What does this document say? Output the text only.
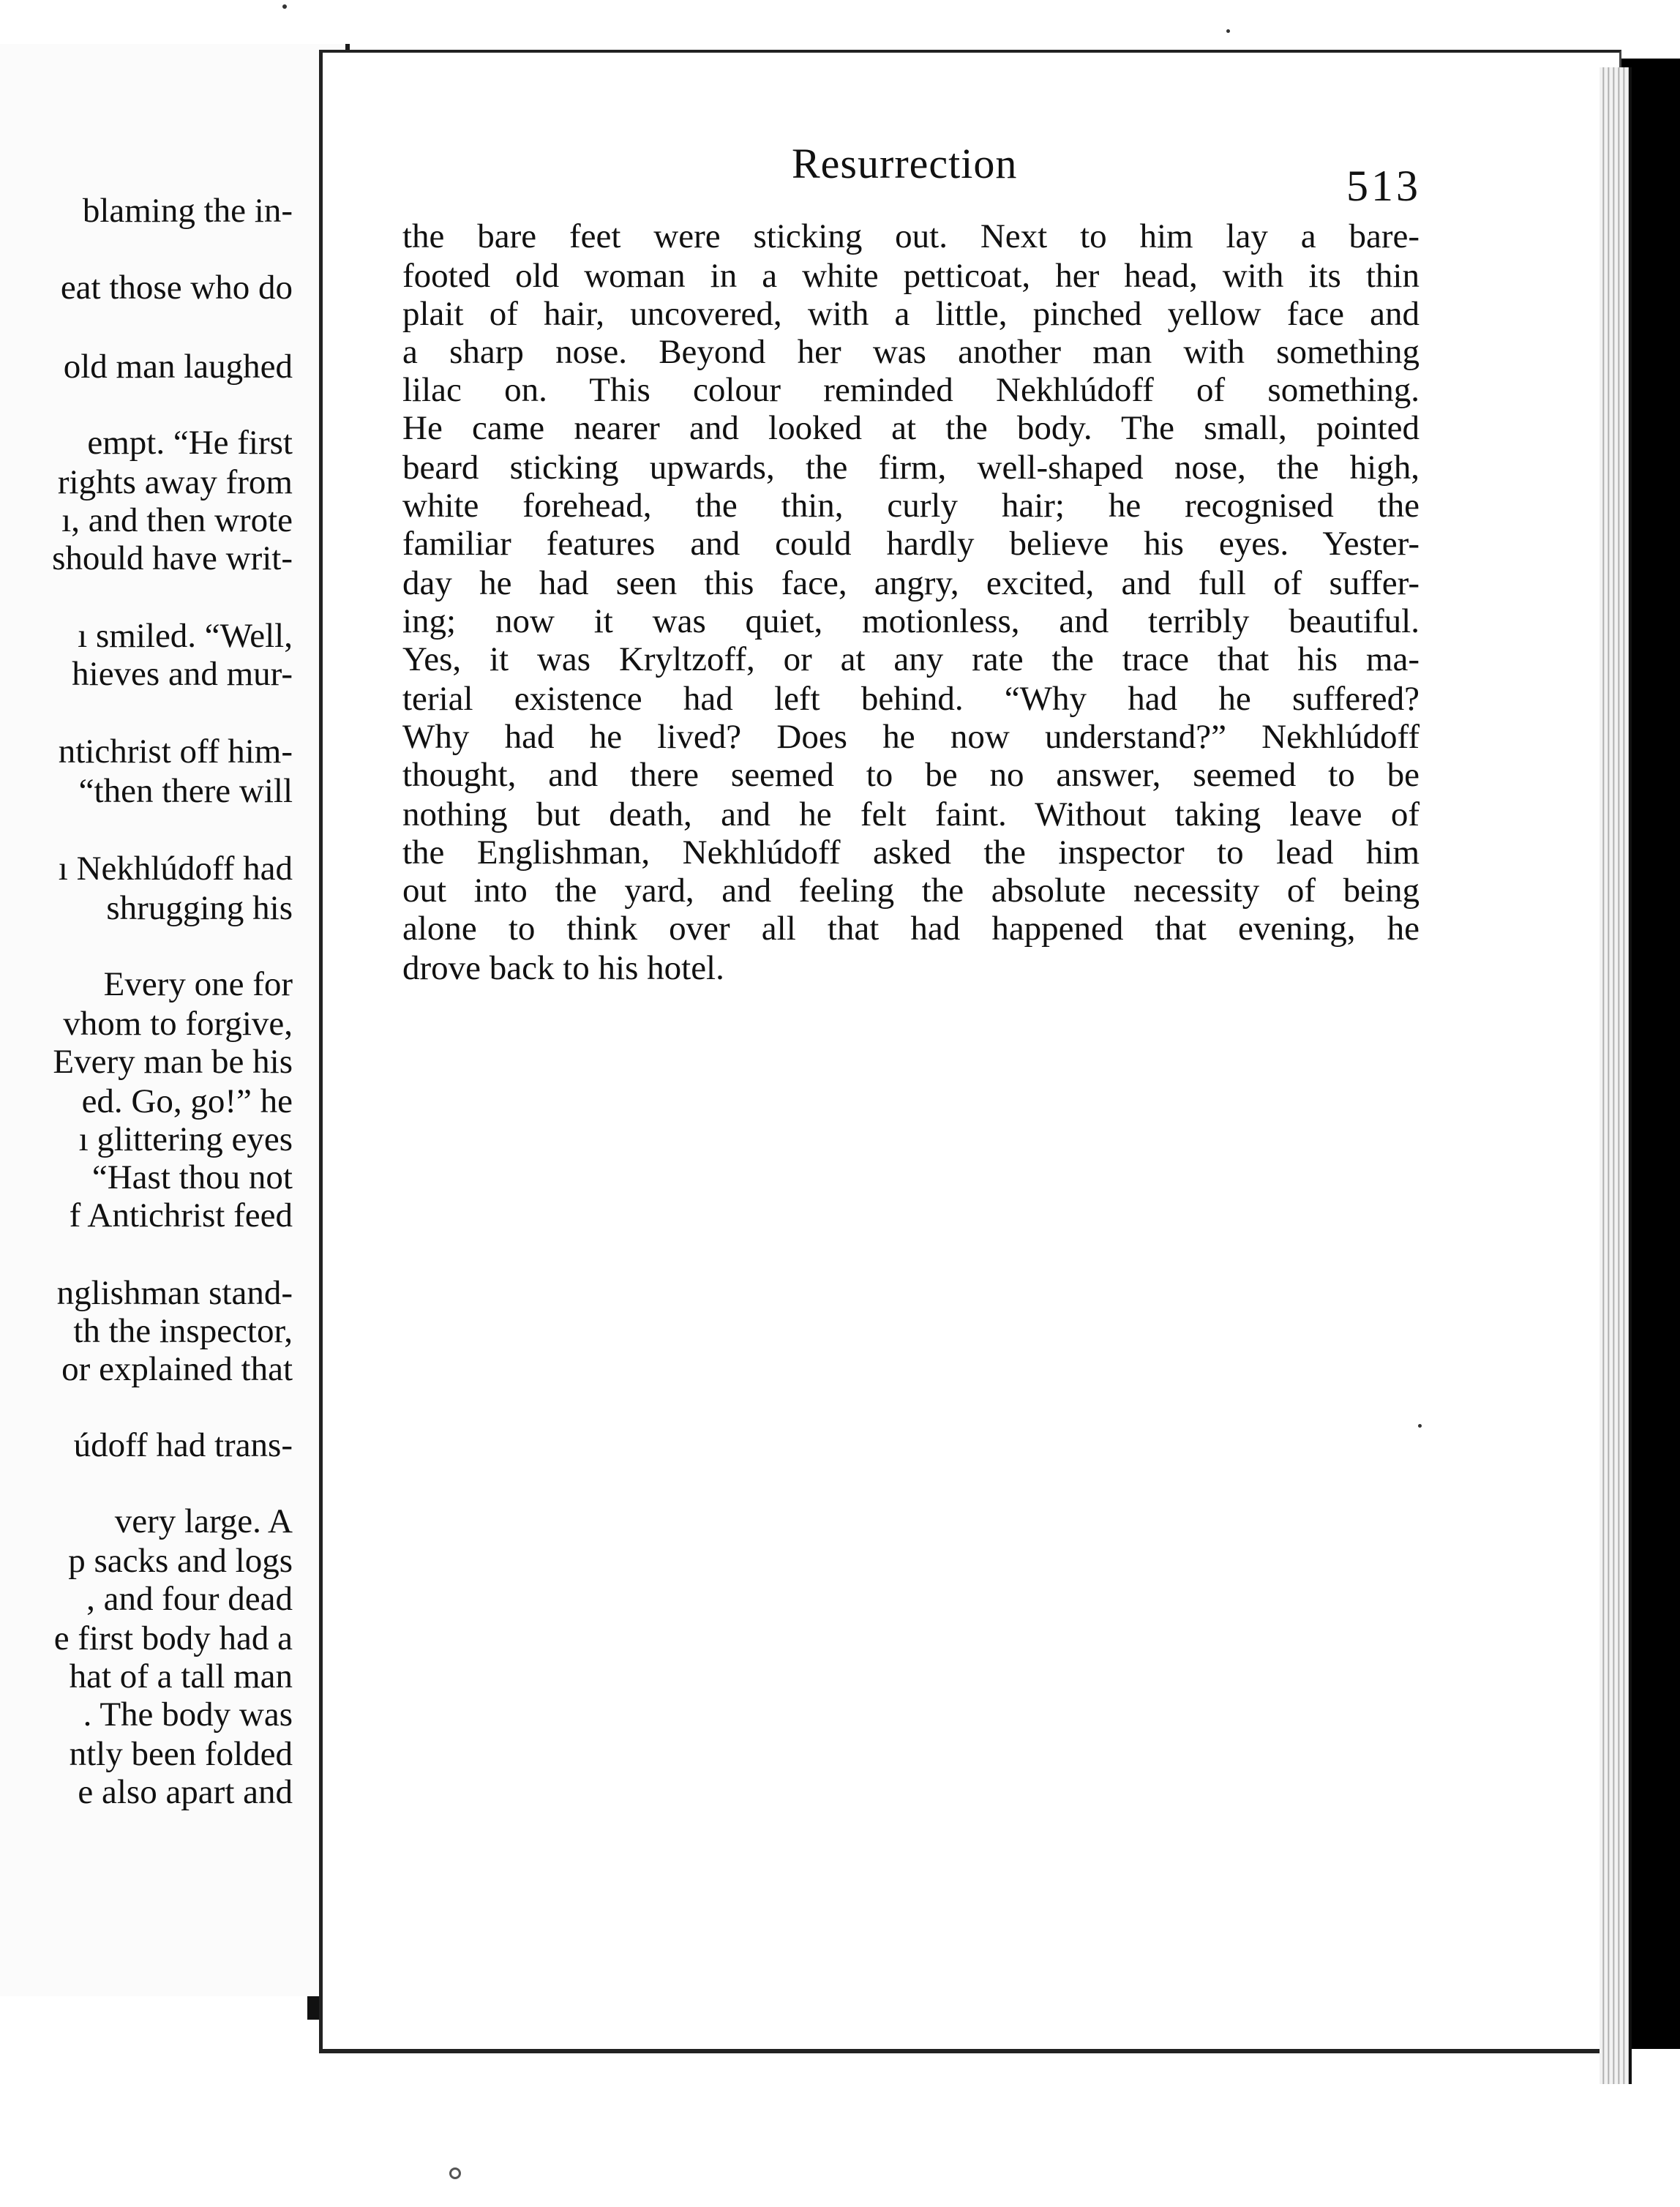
blaming the in-
eat those who do
old man laughed
empt. “He first
rights away from
ı, and then wrote
should have writ-
ı smiled. “Well,
hieves and mur-
ntichrist off him-
“then there will
ı Nekhlúdoff had
shrugging his
Every one for
vhom to forgive,
Every man be his
ed. Go, go!” he
ı glittering eyes
“Hast thou not
f Antichrist feed
nglishman stand-
th the inspector,
or explained that
údoff had trans-
very large. A
p sacks and logs
, and four dead
e first body had a
hat of a tall man
. The body was
ntly been folded
e also apart and
Resurrection	513
the bare feet were sticking out. Next to him lay a bare-
footed old woman in a white petticoat, her head, with its thin
plait of hair, uncovered, with a little, pinched yellow face and
a sharp nose. Beyond her was another man with something
lilac on. This colour reminded Nekhlúdoff of something.
He came nearer and looked at the body. The small, pointed
beard sticking upwards, the firm, well-shaped nose, the high,
white forehead, the thin, curly hair; he recognised the
familiar features and could hardly believe his eyes. Yester-
day he had seen this face, angry, excited, and full of suffer-
ing; now it was quiet, motionless, and terribly beautiful.
Yes, it was Kryltzoff, or at any rate the trace that his ma-
terial existence had left behind. “Why had he suffered?
Why had he lived? Does he now understand?” Nekhlúdoff
thought, and there seemed to be no answer, seemed to be
nothing but death, and he felt faint. Without taking leave of
the Englishman, Nekhlúdoff asked the inspector to lead him
out into the yard, and feeling the absolute necessity of being
alone to think over all that had happened that evening, he
drove back to his hotel.
